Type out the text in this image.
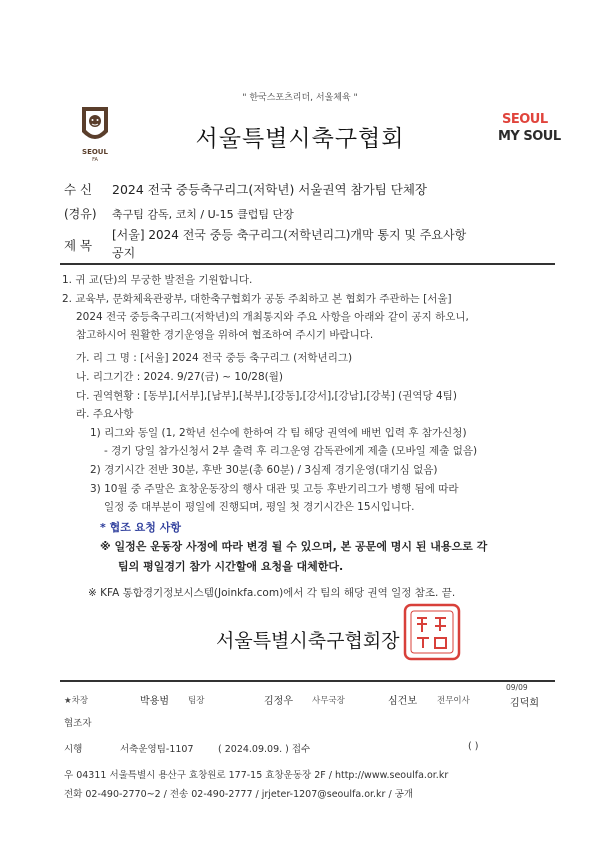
" 한국스포츠리더, 서울체육 "
SEOUL
FA
서울특별시축구협회
SEOUL
MY SOUL
수 신 2024 전국 중등축구리그(저학년) 서울권역 참가팀 단체장
(경유) 축구팀 감독, 코치 / U-15 클럽팀 단장
제 목
[서울] 2024 전국 중등 축구리그(저학년리그)개막 통지 및 주요사항
공지
1. 귀 교(단)의 무궁한 발전을 기원합니다.
2. 교육부, 문화체육관광부, 대한축구협회가 공동 주최하고 본 협회가 주관하는 [서울]
2024 전국 중등축구리그(저학년)의 개최통지와 주요 사항을 아래와 같이 공지 하오니,
참고하시어 원활한 경기운영을 위하여 협조하여 주시기 바랍니다.
가. 리 그 명 : [서울] 2024 전국 중등 축구리그 (저학년리그)
나. 리그기간 : 2024. 9/27(금) ~ 10/28(월)
다. 권역현황 : [동부],[서부],[남부],[북부],[강동],[강서],[강남],[강북] (권역당 4팀)
라. 주요사항
1) 리그와 동일 (1, 2학년 선수에 한하여 각 팀 해당 권역에 배번 입력 후 참가신청)
- 경기 당일 참가신청서 2부 출력 후 리그운영 감독관에게 제출 (모바일 제출 없음)
2) 경기시간 전반 30분, 후반 30분(총 60분) / 3심제 경기운영(대기심 없음)
3) 10월 중 주말은 효창운동장의 행사 대관 및 고등 후반기리그가 병행 됨에 따라
일정 중 대부분이 평일에 진행되며, 평일 첫 경기시간은 15시입니다.
* 협조 요청 사항
※ 일정은 운동장 사정에 따라 변경 될 수 있으며, 본 공문에 명시 된 내용으로 각
팀의 평일경기 참가 시간할애 요청을 대체한다.
※ KFA 통합경기정보시스템(Joinkfa.com)에서 각 팀의 해당 권역 일정 참조. 끝.
서울특별시축구협회장
09/09
★차장	박용범 팀장	김정우 사무국장	심건보 전무이사	김덕희
협조자
시행	서축운영팀-1107	( 2024.09.09. ) 접수	( )
우 04311 서울특별시 용산구 효창원로 177-15 효창운동장 2F / http://www.seoulfa.or.kr
전화 02-490-2770~2 / 전송 02-490-2777 / jrjeter-1207@seoulfa.or.kr / 공개
